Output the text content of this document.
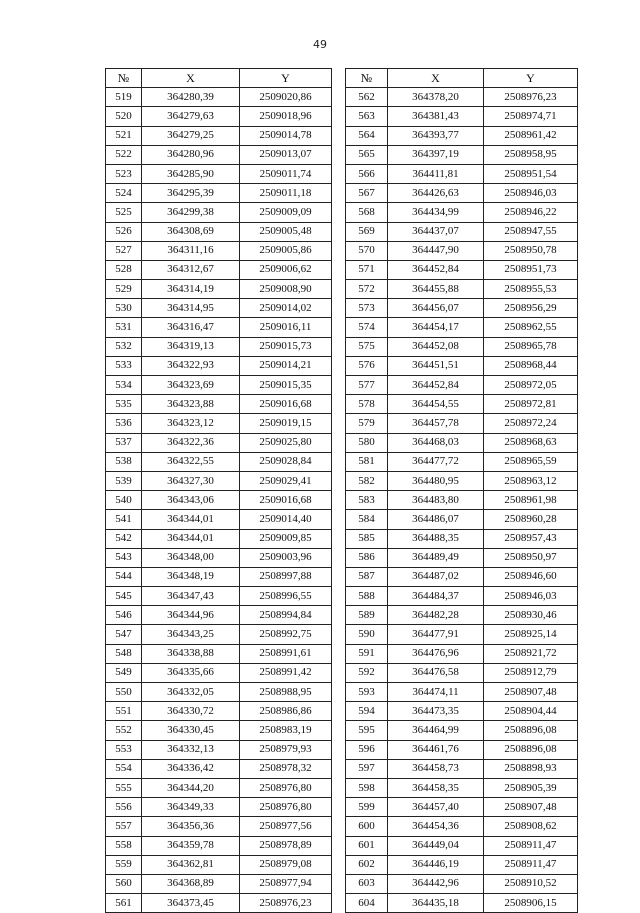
49
№	X	Y		№	X	Y
519	364280,39	2509020,86		562	364378,20	2508976,23
520	364279,63	2509018,96		563	364381,43	2508974,71
521	364279,25	2509014,78		564	364393,77	2508961,42
522	364280,96	2509013,07		565	364397,19	2508958,95
523	364285,90	2509011,74		566	364411,81	2508951,54
524	364295,39	2509011,18		567	364426,63	2508946,03
525	364299,38	2509009,09		568	364434,99	2508946,22
526	364308,69	2509005,48		569	364437,07	2508947,55
527	364311,16	2509005,86		570	364447,90	2508950,78
528	364312,67	2509006,62		571	364452,84	2508951,73
529	364314,19	2509008,90		572	364455,88	2508955,53
530	364314,95	2509014,02		573	364456,07	2508956,29
531	364316,47	2509016,11		574	364454,17	2508962,55
532	364319,13	2509015,73		575	364452,08	2508965,78
533	364322,93	2509014,21		576	364451,51	2508968,44
534	364323,69	2509015,35		577	364452,84	2508972,05
535	364323,88	2509016,68		578	364454,55	2508972,81
536	364323,12	2509019,15		579	364457,78	2508972,24
537	364322,36	2509025,80		580	364468,03	2508968,63
538	364322,55	2509028,84		581	364477,72	2508965,59
539	364327,30	2509029,41		582	364480,95	2508963,12
540	364343,06	2509016,68		583	364483,80	2508961,98
541	364344,01	2509014,40		584	364486,07	2508960,28
542	364344,01	2509009,85		585	364488,35	2508957,43
543	364348,00	2509003,96		586	364489,49	2508950,97
544	364348,19	2508997,88		587	364487,02	2508946,60
545	364347,43	2508996,55		588	364484,37	2508946,03
546	364344,96	2508994,84		589	364482,28	2508930,46
547	364343,25	2508992,75		590	364477,91	2508925,14
548	364338,88	2508991,61		591	364476,96	2508921,72
549	364335,66	2508991,42		592	364476,58	2508912,79
550	364332,05	2508988,95		593	364474,11	2508907,48
551	364330,72	2508986,86		594	364473,35	2508904,44
552	364330,45	2508983,19		595	364464,99	2508896,08
553	364332,13	2508979,93		596	364461,76	2508896,08
554	364336,42	2508978,32		597	364458,73	2508898,93
555	364344,20	2508976,80		598	364458,35	2508905,39
556	364349,33	2508976,80		599	364457,40	2508907,48
557	364356,36	2508977,56		600	364454,36	2508908,62
558	364359,78	2508978,89		601	364449,04	2508911,47
559	364362,81	2508979,08		602	364446,19	2508911,47
560	364368,89	2508977,94		603	364442,96	2508910,52
561	364373,45	2508976,23		604	364435,18	2508906,15
